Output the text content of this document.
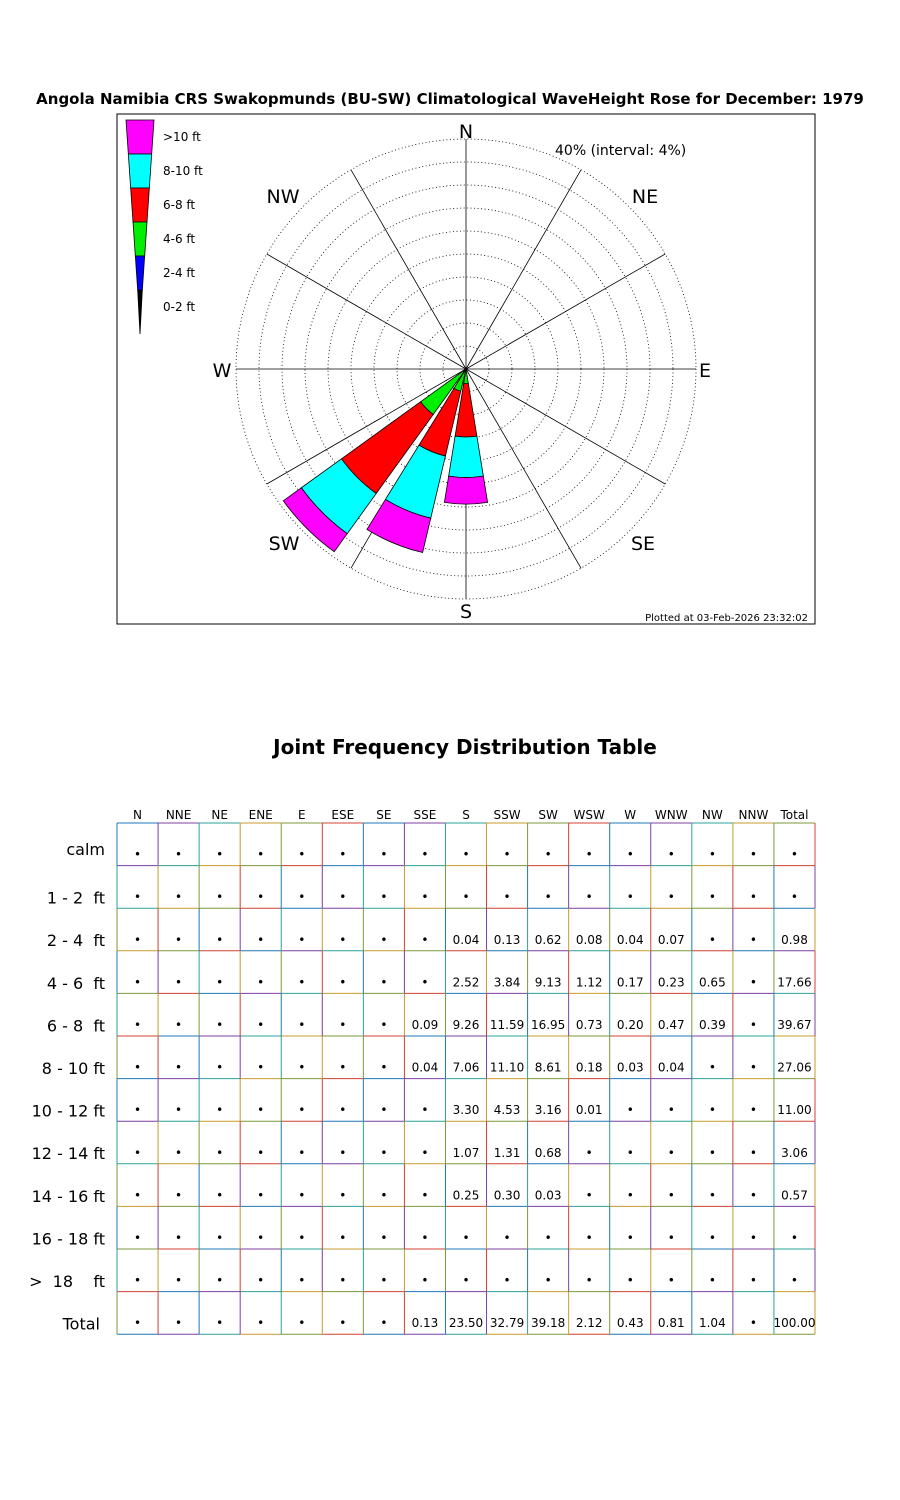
Angola Namibia CRS Swakopmunds (BU-SW) Climatological WaveHeight Rose for December: 1979
N
NE
E
SE
S
SW
W
NW
40% (interval: 4%)
Plotted at 03-Feb-2026 23:32:02
>10 ft
8-10 ft
6-8 ft
4-6 ft
2-4 ft
0-2 ft
Joint Frequency Distribution Table
N NNE NE ENE E ESE SE SSE S SSW SW WSW W WNW NW NNW Total
calm •	•	•	•	•	•	•	•	•	•	•	•	•	•	•	•	•
1 - 2  ft •	•	•	•	•	•	•	•	•	•	•	•	•	•	•	•	•
2 - 4  ft •	•	•	•	•	•	•	• 0.04 0.13 0.62 0.08 0.04 0.07 •	• 0.98
4 - 6  ft •	•	•	•	•	•	•	• 2.52 3.84 9.13 1.12 0.17 0.23 0.65 • 17.66
6 - 8  ft •	•	•	•	•	•	• 0.09 9.26 11.59 16.95 0.73 0.20 0.47 0.39 • 39.67
8 - 10 ft •	•	•	•	•	•	• 0.04 7.06 11.10 8.61 0.18 0.03 0.04 •	• 27.06
10 - 12 ft •	•	•	•	•	•	•	• 3.30 4.53 3.16 0.01 •	•	•	• 11.00
12 - 14 ft •	•	•	•	•	•	•	• 1.07 1.31 0.68 •	•	•	•	• 3.06
14 - 16 ft •	•	•	•	•	•	•	• 0.25 0.30 0.03 •	•	•	•	• 0.57
16 - 18 ft •	•	•	•	•	•	•	•	•	•	•	•	•	•	•	•	•
>  18    ft •	•	•	•	•	•	•	•	•	•	•	•	•	•	•	•	•
Total	•	•	•	•	•	•	• 0.13 23.50 32.79 39.18 2.12 0.43 0.81 1.04 • 100.00
